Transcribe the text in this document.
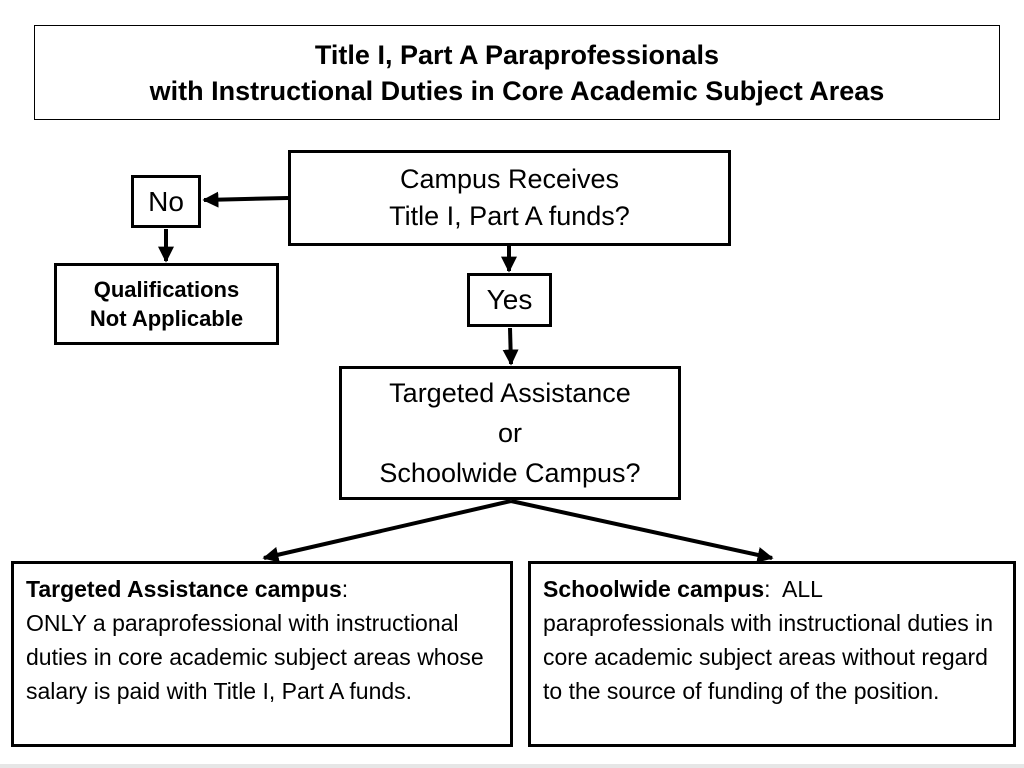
Title I, Part A Paraprofessionals
with Instructional Duties in Core Academic Subject Areas
Campus Receives
Title I, Part A funds?
No
Qualifications
Not Applicable
Yes
Targeted Assistance
or
Schoolwide Campus?
Targeted Assistance campus:
ONLY a paraprofessional with instructional duties in core academic subject areas whose salary is paid with Title I, Part A funds.
Schoolwide campus: ALL paraprofessionals with instructional duties in core academic subject areas without regard to the source of funding of the position.
